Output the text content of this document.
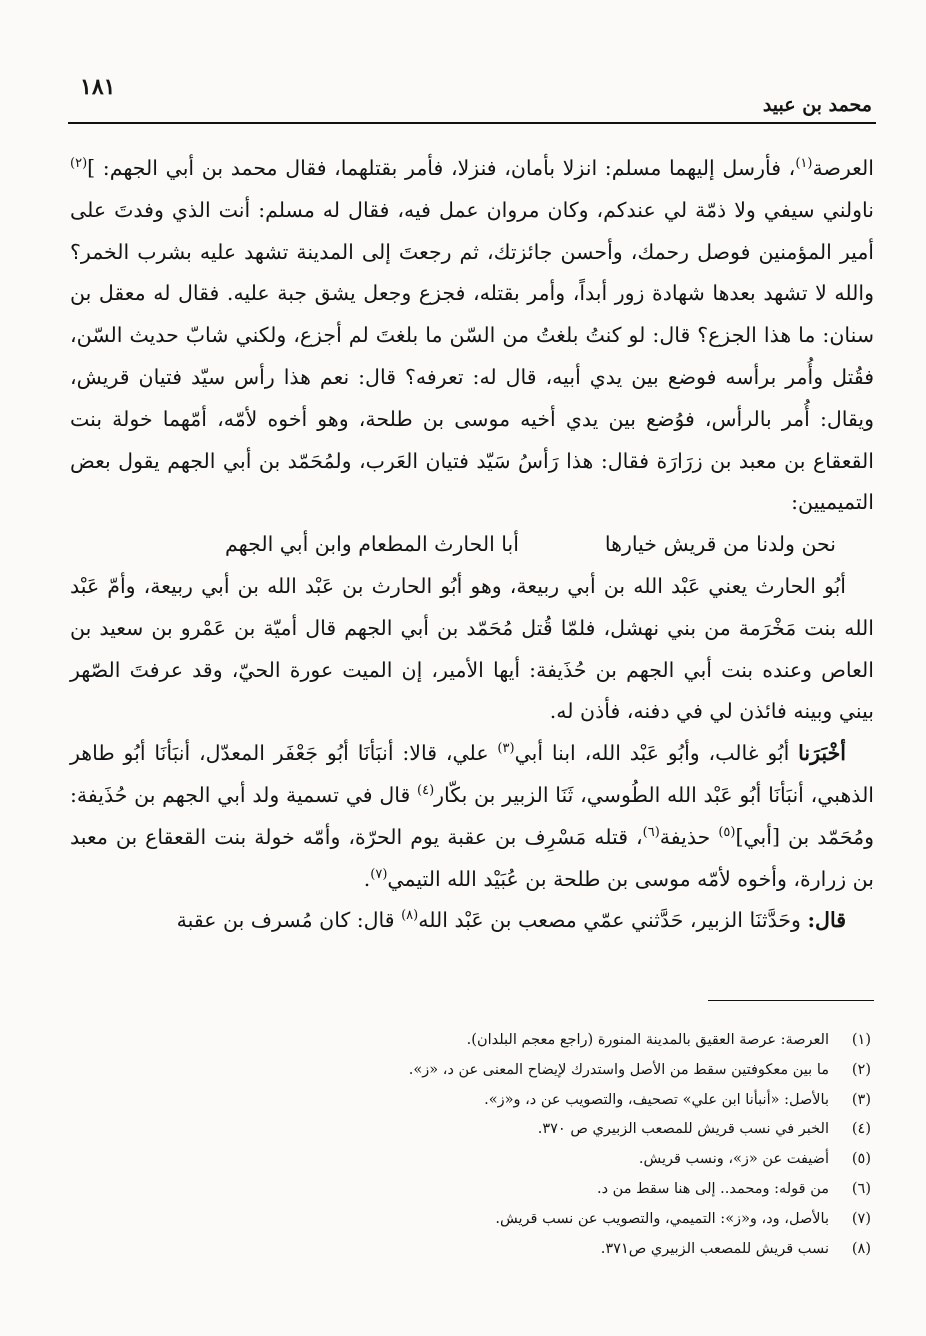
١٨١
محمد بن عبيد

العرصة$^{(١)}$، فأرسل إليهما مسلم: انزلا بأمان، فنزلا، فأمر بقتلهما، فقال محمد بن أبي الجهم: ]$^{(٢)}$ ناولني سيفي ولا ذمّة لي عندكم، وكان مروان عمل فيه، فقال له مسلم: أنت الذي وفدتَ على أمير المؤمنين فوصل رحمك، وأحسن جائزتك، ثم رجعتَ إلى المدينة تشهد عليه بشرب الخمر؟ والله لا تشهد بعدها شهادة زور أبداً، وأمر بقتله، فجزع وجعل يشق جبة عليه. فقال له معقل بن سنان: ما هذا الجزع؟ قال: لو كنتُ بلغتُ من السّن ما بلغتَ لم أجزع، ولكني شابّ حديث السّن، فقُتل وأُمر برأسه فوضع بين يدي أبيه، قال له: تعرفه؟ قال: نعم هذا رأس سيّد فتيان قريش، ويقال: أُمر بالرأس، فوُضع بين يدي أخيه موسى بن طلحة، وهو أخوه لأمّه، أمّهما خولة بنت القعقاع بن معبد بن زرَارَة فقال: هذا رَأسُ سَيّد فتيان العَرب، ولمُحَمّد بن أبي الجهم يقول بعض التميميين:

نحن ولدنا من قريش خيارها
أبا الحارث المطعام وابن أبي الجهم

أبُو الحارث يعني عَبْد الله بن أبي ربيعة، وهو أبُو الحارث بن عَبْد الله بن أبي ربيعة، وأمّ عَبْد الله بنت مَخْرَمة من بني نهشل، فلمّا قُتل مُحَمّد بن أبي الجهم قال أميّة بن عَمْرو بن سعيد بن العاص وعنده بنت أبي الجهم بن حُذَيفة: أيها الأمير، إن الميت عورة الحيّ، وقد عرفتَ الصّهر بيني وبينه فائذن لي في دفنه، فأذن له.

أخْبَرَنا أبُو غالب، وأبُو عَبْد الله، ابنا أبي$^{(٣)}$ علي، قالا: أنبَأنَا أبُو جَعْفَر المعدّل، أنبَأنَا أبُو طاهر الذهبي، أنبَأنَا أبُو عَبْد الله الطُوسي، ثَنَا الزبير بن بكّار$^{(٤)}$ قال في تسمية ولد أبي الجهم بن حُذَيفة: ومُحَمّد بن [أبي]$^{(٥)}$ حذيفة$^{(٦)}$، قتله مَسْرِف بن عقبة يوم الحرّة، وأمّه خولة بنت القعقاع بن معبد بن زرارة، وأخوه لأمّه موسى بن طلحة بن عُبَيْد الله التيمي$^{(٧)}$.

قال: وحَدَّثنَا الزبير، حَدَّثني عمّي مصعب بن عَبْد الله$^{(٨)}$ قال: كان مُسرف بن عقبة

(١)
العرصة: عرصة العقيق بالمدينة المنورة (راجع معجم البلدان).
(٢)
ما بين معكوفتين سقط من الأصل واستدرك لإيضاح المعنى عن د، «ز».
(٣)
بالأصل: «أنبأنا ابن علي» تصحيف، والتصويب عن د، و«ز».
(٤)
الخبر في نسب قريش للمصعب الزبيري ص ٣٧٠.
(٥)
أضيفت عن «ز»، ونسب قريش.
(٦)
من قوله: ومحمد.. إلى هنا سقط من د.
(٧)
بالأصل، ود، و«ز»: التميمي، والتصويب عن نسب قريش.
(٨)
نسب قريش للمصعب الزبيري ص٣٧١.
